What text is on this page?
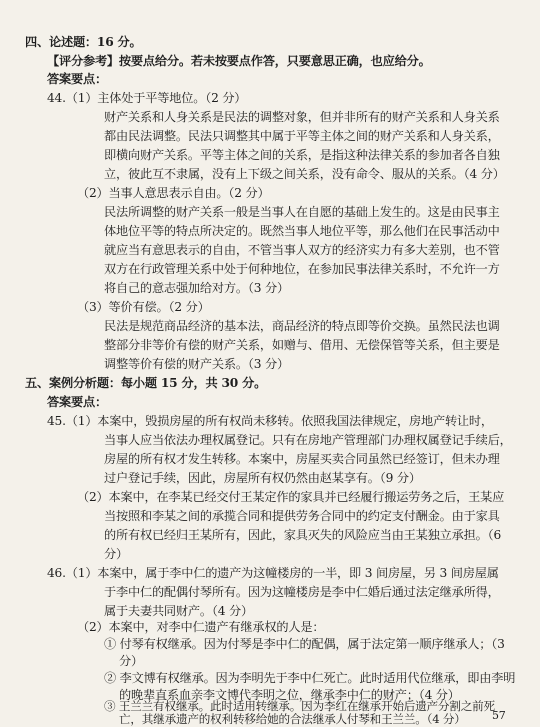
四、论述题：16 分。
【评分参考】按要点给分。若未按要点作答，只要意思正确，也应给分。
答案要点：
44.（1）主体处于平等地位。（2 分）
财产关系和人身关系是民法的调整对象，但并非所有的财产关系和人身关系
都由民法调整。民法只调整其中属于平等主体之间的财产关系和人身关系，
即横向财产关系。平等主体之间的关系，是指这种法律关系的参加者各自独
立，彼此互不隶属，没有上下级之间关系，没有命令、服从的关系。（4 分）
（2）当事人意思表示自由。（2 分）
民法所调整的财产关系一般是当事人在自愿的基础上发生的。这是由民事主
体地位平等的特点所决定的。既然当事人地位平等，那么他们在民事活动中
就应当有意思表示的自由，不管当事人双方的经济实力有多大差别，也不管
双方在行政管理关系中处于何种地位，在参加民事法律关系时，不允许一方
将自己的意志强加给对方。（3 分）
（3）等价有偿。（2 分）
民法是规范商品经济的基本法，商品经济的特点即等价交换。虽然民法也调
整部分非等价有偿的财产关系，如赠与、借用、无偿保管等关系，但主要是
调整等价有偿的财产关系。（3 分）
五、案例分析题：每小题 15 分，共 30 分。
答案要点：
45.（1）本案中，毁损房屋的所有权尚未移转。依照我国法律规定，房地产转让时，
当事人应当依法办理权属登记。只有在房地产管理部门办理权属登记手续后，
房屋的所有权才发生转移。本案中，房屋买卖合同虽然已经签订，但未办理
过户登记手续，因此，房屋所有权仍然由赵某享有。（9 分）
（2）本案中，在李某已经交付王某定作的家具并已经履行搬运劳务之后，王某应
当按照和李某之间的承揽合同和提供劳务合同中的约定支付酬金。由于家具
的所有权已经归王某所有，因此，家具灭失的风险应当由王某独立承担。（6
分）
46.（1）本案中，属于李中仁的遗产为这幢楼房的一半，即 3 间房屋，另 3 间房屋属
于李中仁的配偶付琴所有。因为这幢楼房是李中仁婚后通过法定继承所得，
属于夫妻共同财产。（4 分）
（2）本案中，对李中仁遗产有继承权的人是：
① 付琴有权继承。因为付琴是李中仁的配偶，属于法定第一顺序继承人；（3
分）
② 李文博有权继承。因为李明先于李中仁死亡。此时适用代位继承，即由李明
的晚辈直系血亲李文博代李明之位，继承李中仁的财产；（4 分）
③ 王兰兰有权继承。此时适用转继承。因为李红在继承开始后遗产分割之前死
亡，其继承遗产的权利转移给她的合法继承人付琴和王兰兰。（4 分） 57
